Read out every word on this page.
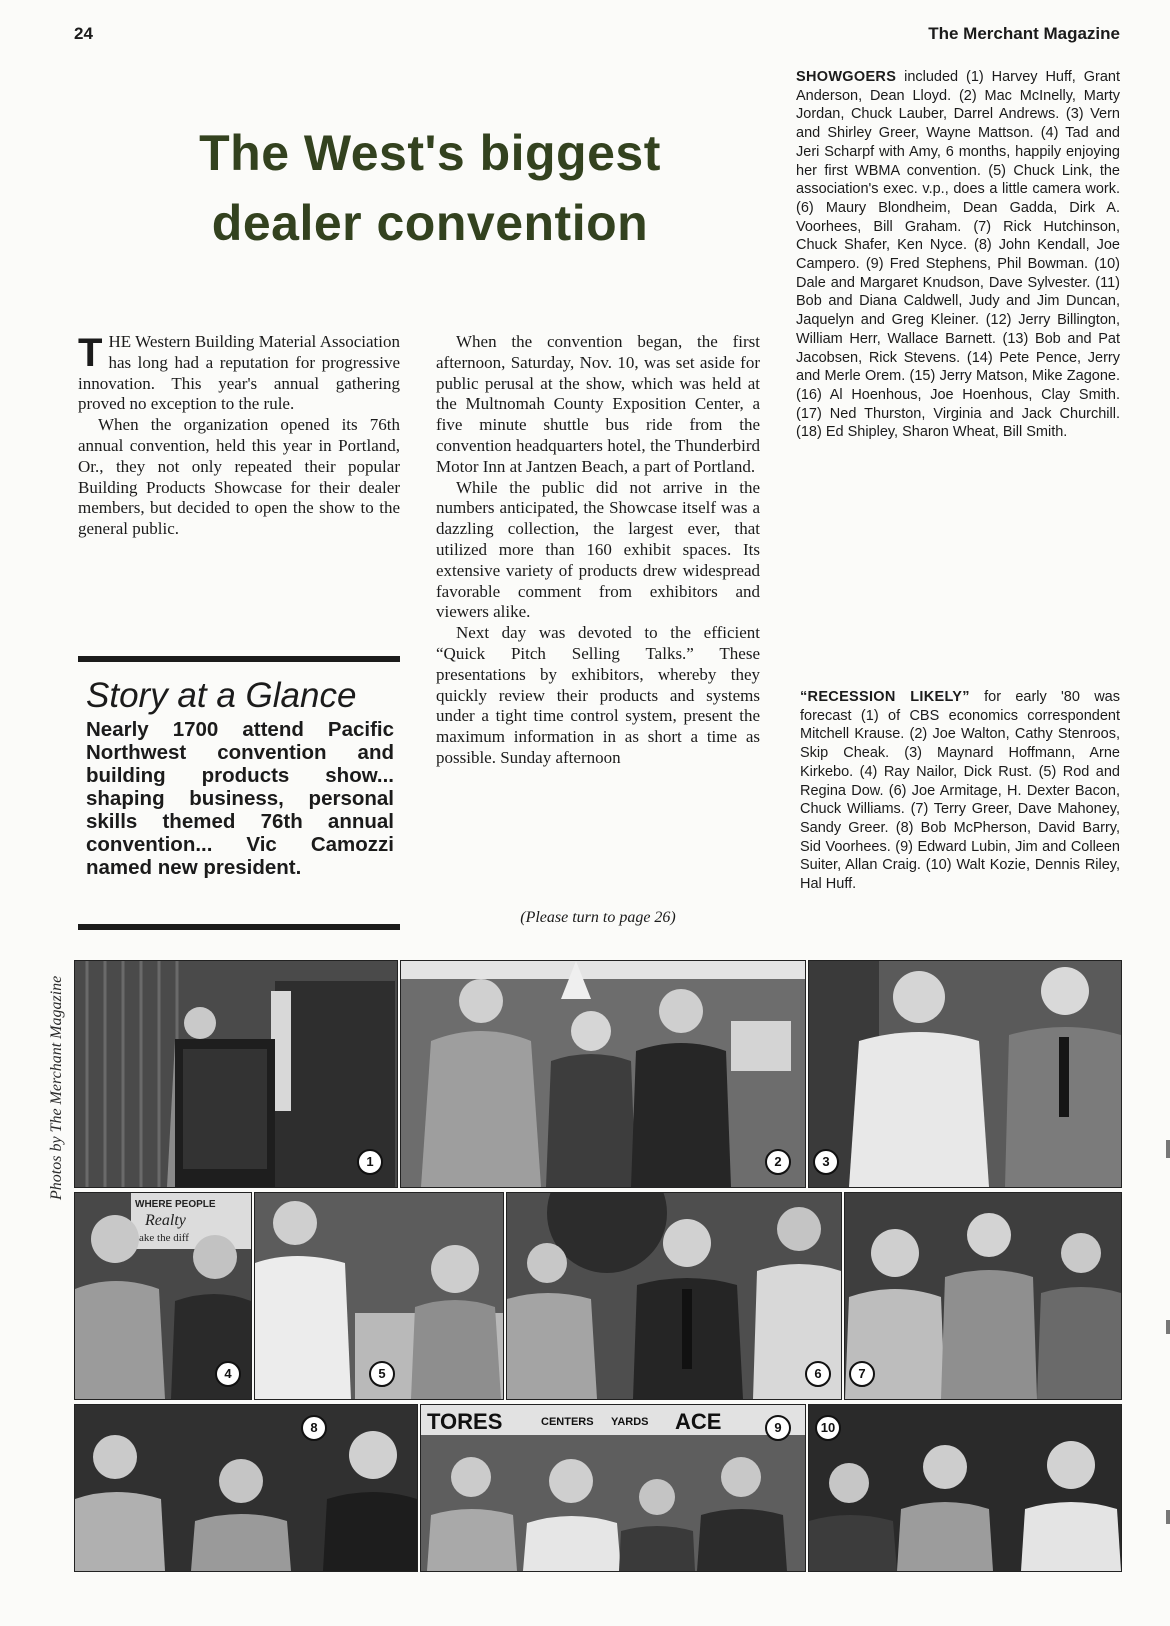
24	The Merchant Magazine
The West's biggest
dealer convention
T HE Western Building Material Association has long had a reputation for progressive innovation. This year's annual gathering proved no exception to the rule.

When the organization opened its 76th annual convention, held this year in Portland, Or., they not only repeated their popular Building Products Showcase for their dealer members, but decided to open the show to the general public.

Story at a Glance
Nearly 1700 attend Pacific Northwest convention and building products show... shaping business, personal skills themed 76th annual convention... Vic Camozzi named new president.

When the convention began, the first afternoon, Saturday, Nov. 10, was set aside for public perusal at the show, which was held at the Multnomah County Exposition Center, a five minute shuttle bus ride from the convention headquarters hotel, the Thunderbird Motor Inn at Jantzen Beach, a part of Portland.

While the public did not arrive in the numbers anticipated, the Showcase itself was a dazzling collection, the largest ever, that utilized more than 160 exhibit spaces. Its extensive variety of products drew widespread favorable comment from exhibitors and viewers alike.

Next day was devoted to the efficient “Quick Pitch Selling Talks.” These presentations by exhibitors, whereby they quickly review their products and systems under a tight time control system, present the maximum information in as short a time as possible. Sunday afternoon

(Please turn to page 26)
SHOWGOERS included (1) Harvey Huff, Grant Anderson, Dean Lloyd. (2) Mac McInelly, Marty Jordan, Chuck Lauber, Darrel Andrews. (3) Vern and Shirley Greer, Wayne Mattson. (4) Tad and Jeri Scharpf with Amy, 6 months, happily enjoying her first WBMA convention. (5) Chuck Link, the association's exec. v.p., does a little camera work. (6) Maury Blondheim, Dean Gadda, Dirk A. Voorhees, Bill Graham. (7) Rick Hutchinson, Chuck Shafer, Ken Nyce. (8) John Kendall, Joe Campero. (9) Fred Stephens, Phil Bowman. (10) Dale and Margaret Knudson, Dave Sylvester. (11) Bob and Diana Caldwell, Judy and Jim Duncan, Jaquelyn and Greg Kleiner. (12) Jerry Billington, William Herr, Wallace Barnett. (13) Bob and Pat Jacobsen, Rick Stevens. (14) Pete Pence, Jerry and Merle Orem. (15) Jerry Matson, Mike Zagone. (16) Al Hoenhous, Joe Hoenhous, Clay Smith. (17) Ned Thurston, Virginia and Jack Churchill. (18) Ed Shipley, Sharon Wheat, Bill Smith.
“RECESSION LIKELY” for early '80 was forecast (1) of CBS economics correspondent Mitchell Krause. (2) Joe Walton, Cathy Stenroos, Skip Cheak. (3) Maynard Hoffmann, Arne Kirkebo. (4) Ray Nailor, Dick Rust. (5) Rod and Regina Dow. (6) Joe Armitage, H. Dexter Bacon, Chuck Williams. (7) Terry Greer, Dave Mahoney, Sandy Greer. (8) Bob McPherson, David Barry, Sid Voorhees. (9) Edward Lubin, Jim and Colleen Suiter, Allan Craig. (10) Walt Kozie, Dennis Riley, Hal Huff.
Photos by The Merchant Magazine	1	2	3
WHERE PEOPLE
Realty
ake the diff
4	5	6	7
8	TORES	CENTERS YARDS ACE	9	10
